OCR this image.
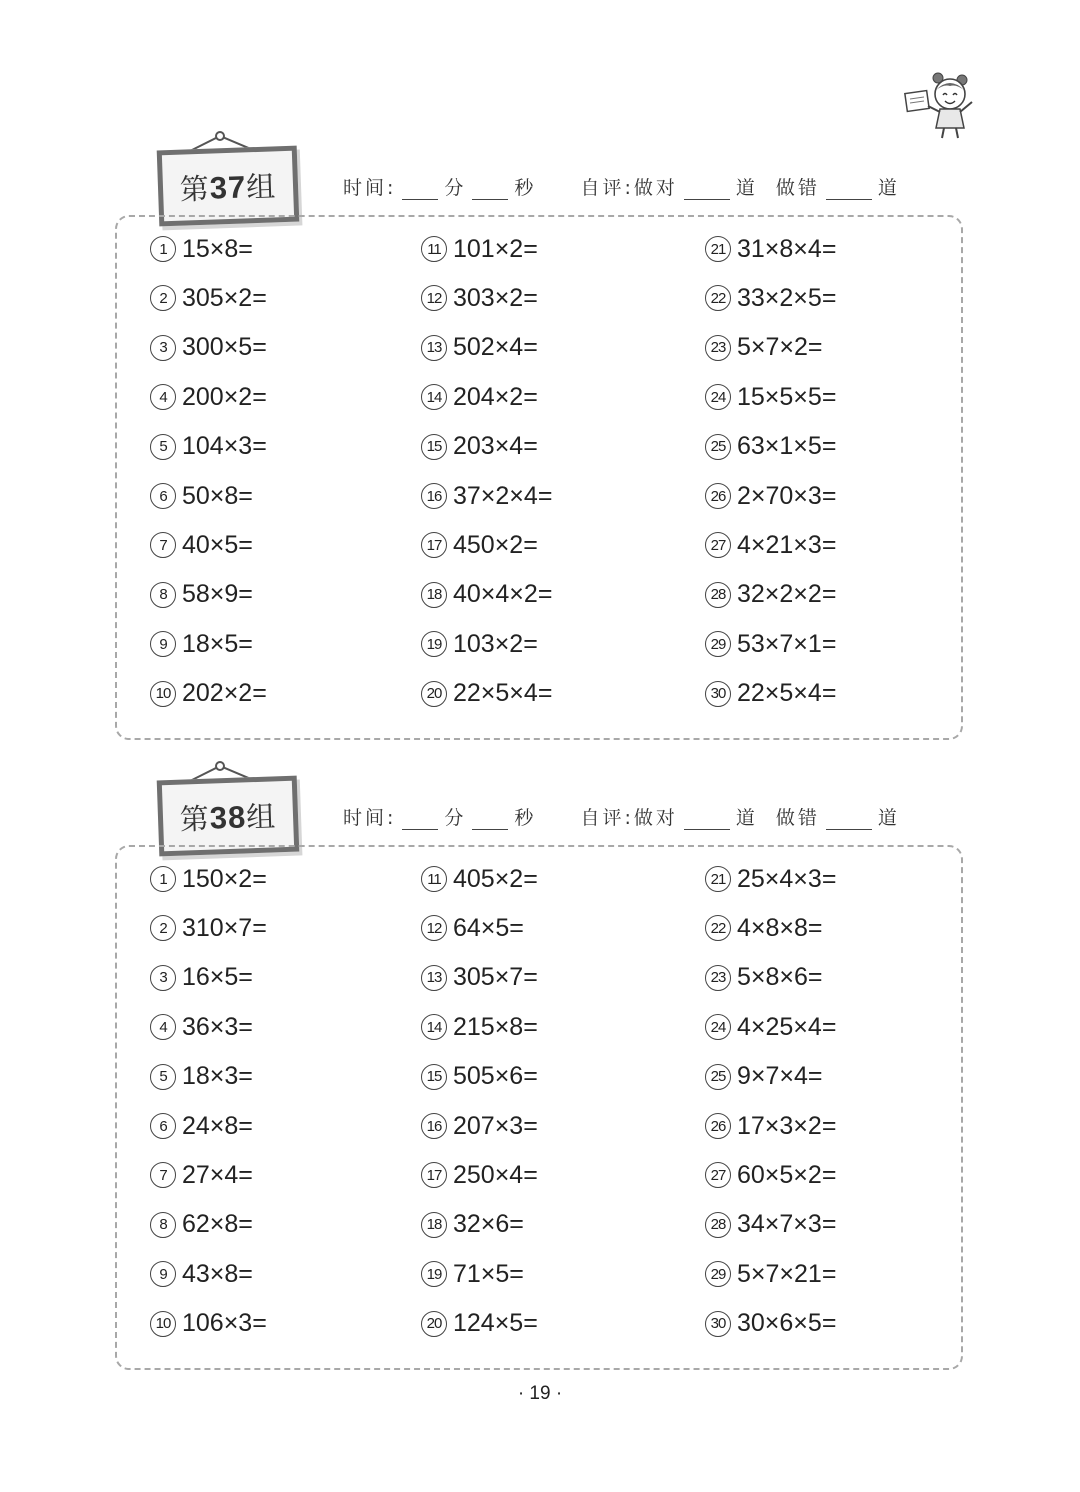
第37组	时间:	分	秒 自评:做对	道 做错	道
1 15×8=
2 305×2=
3 300×5=
4 200×2=
5 104×3=
6 50×8=
7 40×5=
8 58×9=
9 18×5=
10 202×2=
11 101×2=
12 303×2=
13 502×4=
14 204×2=
15 203×4=
16 37×2×4=
17 450×2=
18 40×4×2=
19 103×2=
20 22×5×4=
21 31×8×4=
22 33×2×5=
23 5×7×2=
24 15×5×5=
25 63×1×5=
26 2×70×3=
27 4×21×3=
28 32×2×2=
29 53×7×1=
30 22×5×4=
第38组	时间:	分	秒 自评:做对	道 做错	道
1 150×2=
2 310×7=
3 16×5=
4 36×3=
5 18×3=
6 24×8=
7 27×4=
8 62×8=
9 43×8=
10 106×3=
11 405×2=
12 64×5=
13 305×7=
14 215×8=
15 505×6=
16 207×3=
17 250×4=
18 32×6=
19 71×5=
20 124×5=
21 25×4×3=
22 4×8×8=
23 5×8×6=
24 4×25×4=
25 9×7×4=
26 17×3×2=
27 60×5×2=
28 34×7×3=
29 5×7×21=
30 30×6×5=
· 19 ·
